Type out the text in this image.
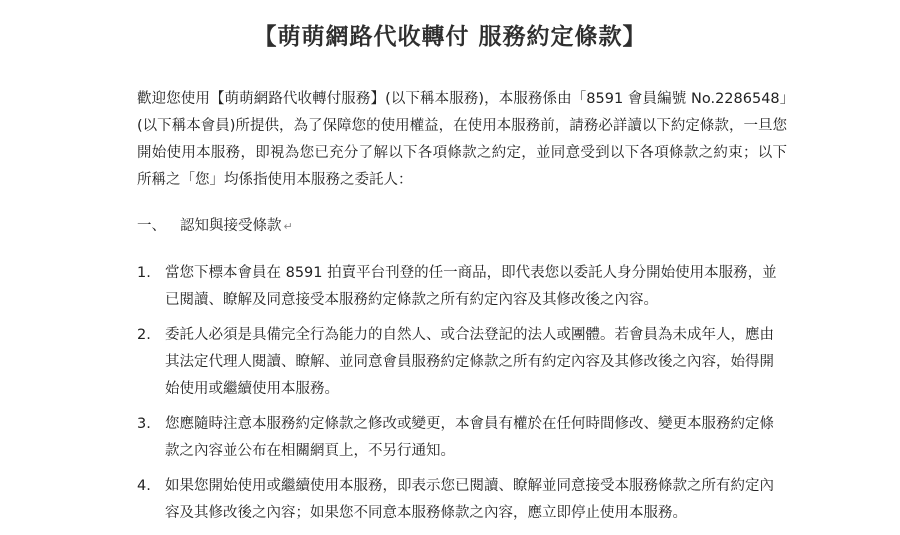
【萌萌網路代收轉付 服務約定條款】

歡迎您使用【萌萌網路代收轉付服務】(以下稱本服務)，本服務係由「8591 會員編號 No.2286548」(以下稱本會員)所提供，為了保障您的使用權益，在使用本服務前，請務必詳讀以下約定條款，一旦您開始使用本服務，即視為您已充分了解以下各項條款之約定，並同意受到以下各項條款之約束；以下所稱之「您」均係指使用本服務之委託人：

一、 認知與接受條款 ↵

1. 當您下標本會員在 8591 拍賣平台刊登的任一商品，即代表您以委託人身分開始使用本服務，並已閱讀、瞭解及同意接受本服務約定條款之所有約定內容及其修改後之內容。
2. 委託人必須是具備完全行為能力的自然人、或合法登記的法人或團體。若會員為未成年人，應由其法定代理人閱讀、瞭解、並同意會員服務約定條款之所有約定內容及其修改後之內容，始得開始使用或繼續使用本服務。
3. 您應隨時注意本服務約定條款之修改或變更，本會員有權於在任何時間修改、變更本服務約定條款之內容並公布在相關網頁上，不另行通知。
4. 如果您開始使用或繼續使用本服務，即表示您已閱讀、瞭解並同意接受本服務條款之所有約定內容及其修改後之內容；如果您不同意本服務條款之內容，應立即停止使用本服務。
